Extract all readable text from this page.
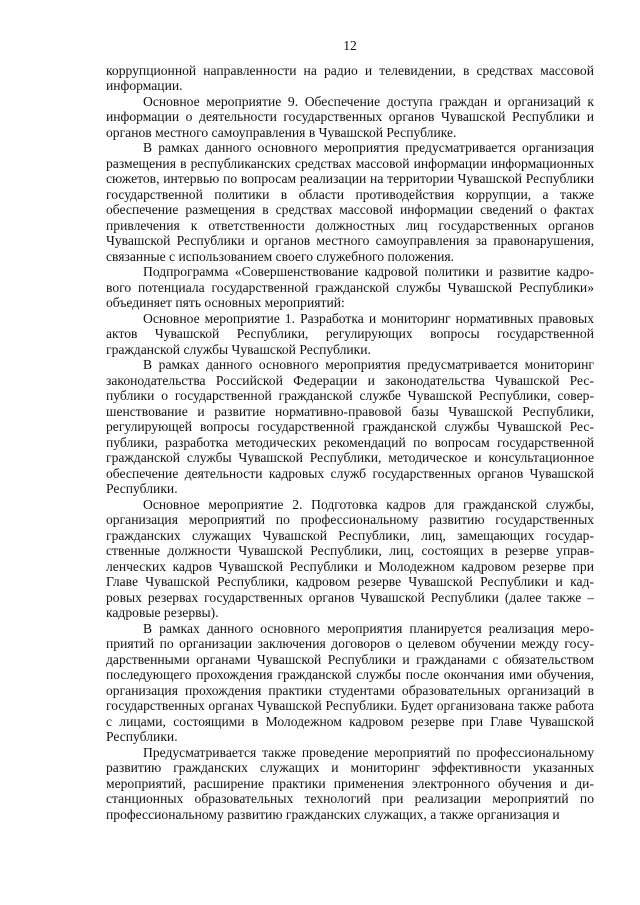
12

коррупционной направленности на радио и телевидении, в средствах массовой информации.

Основное мероприятие 9. Обеспечение доступа граждан и организаций к информации о деятельности государственных органов Чувашской Республики и органов местного самоуправления в Чувашской Республике.

В рамках данного основного мероприятия предусматривается организация размещения в республиканских средствах массовой информации информационных сюжетов, интервью по вопросам реализации на территории Чувашской Республики государственной политики в области противодействия коррупции, а также обеспечение размещения в средствах массовой информации сведений о фактах привлечения к ответственности должностных лиц государственных органов Чувашской Республики и органов местного самоуправления за правонарушения, связанные с использованием своего служебного положения.

Подпрограмма «Совершенствование кадровой политики и развитие кадрового потенциала государственной гражданской службы Чувашской Республики» объединяет пять основных мероприятий:

Основное мероприятие 1. Разработка и мониторинг нормативных правовых актов Чувашской Республики, регулирующих вопросы государственной гражданской службы Чувашской Республики.

В рамках данного основного мероприятия предусматривается мониторинг законодательства Российской Федерации и законодательства Чувашской Республики о государственной гражданской службе Чувашской Республики, совершенствование и развитие нормативно-правовой базы Чувашской Республики, регулирующей вопросы государственной гражданской службы Чувашской Республики, разработка методических рекомендаций по вопросам государственной гражданской службы Чувашской Республики, методическое и консультационное обеспечение деятельности кадровых служб государственных органов Чувашской Республики.

Основное мероприятие 2. Подготовка кадров для гражданской службы, организация мероприятий по профессиональному развитию государственных гражданских служащих Чувашской Республики, лиц, замещающих государственные должности Чувашской Республики, лиц, состоящих в резерве управленческих кадров Чувашской Республики и Молодежном кадровом резерве при Главе Чувашской Республики, кадровом резерве Чувашской Республики и кадровых резервах государственных органов Чувашской Республики (далее также – кадровые резервы).

В рамках данного основного мероприятия планируется реализация мероприятий по организации заключения договоров о целевом обучении между государственными органами Чувашской Республики и гражданами с обязательством последующего прохождения гражданской службы после окончания ими обучения, организация прохождения практики студентами образовательных организаций в государственных органах Чувашской Республики. Будет организована также работа с лицами, состоящими в Молодежном кадровом резерве при Главе Чувашской Республики.

Предусматривается также проведение мероприятий по профессиональному развитию гражданских служащих и мониторинг эффективности указанных мероприятий, расширение практики применения электронного обучения и дистанционных образовательных технологий при реализации мероприятий по профессиональному развитию гражданских служащих, а также организация и
